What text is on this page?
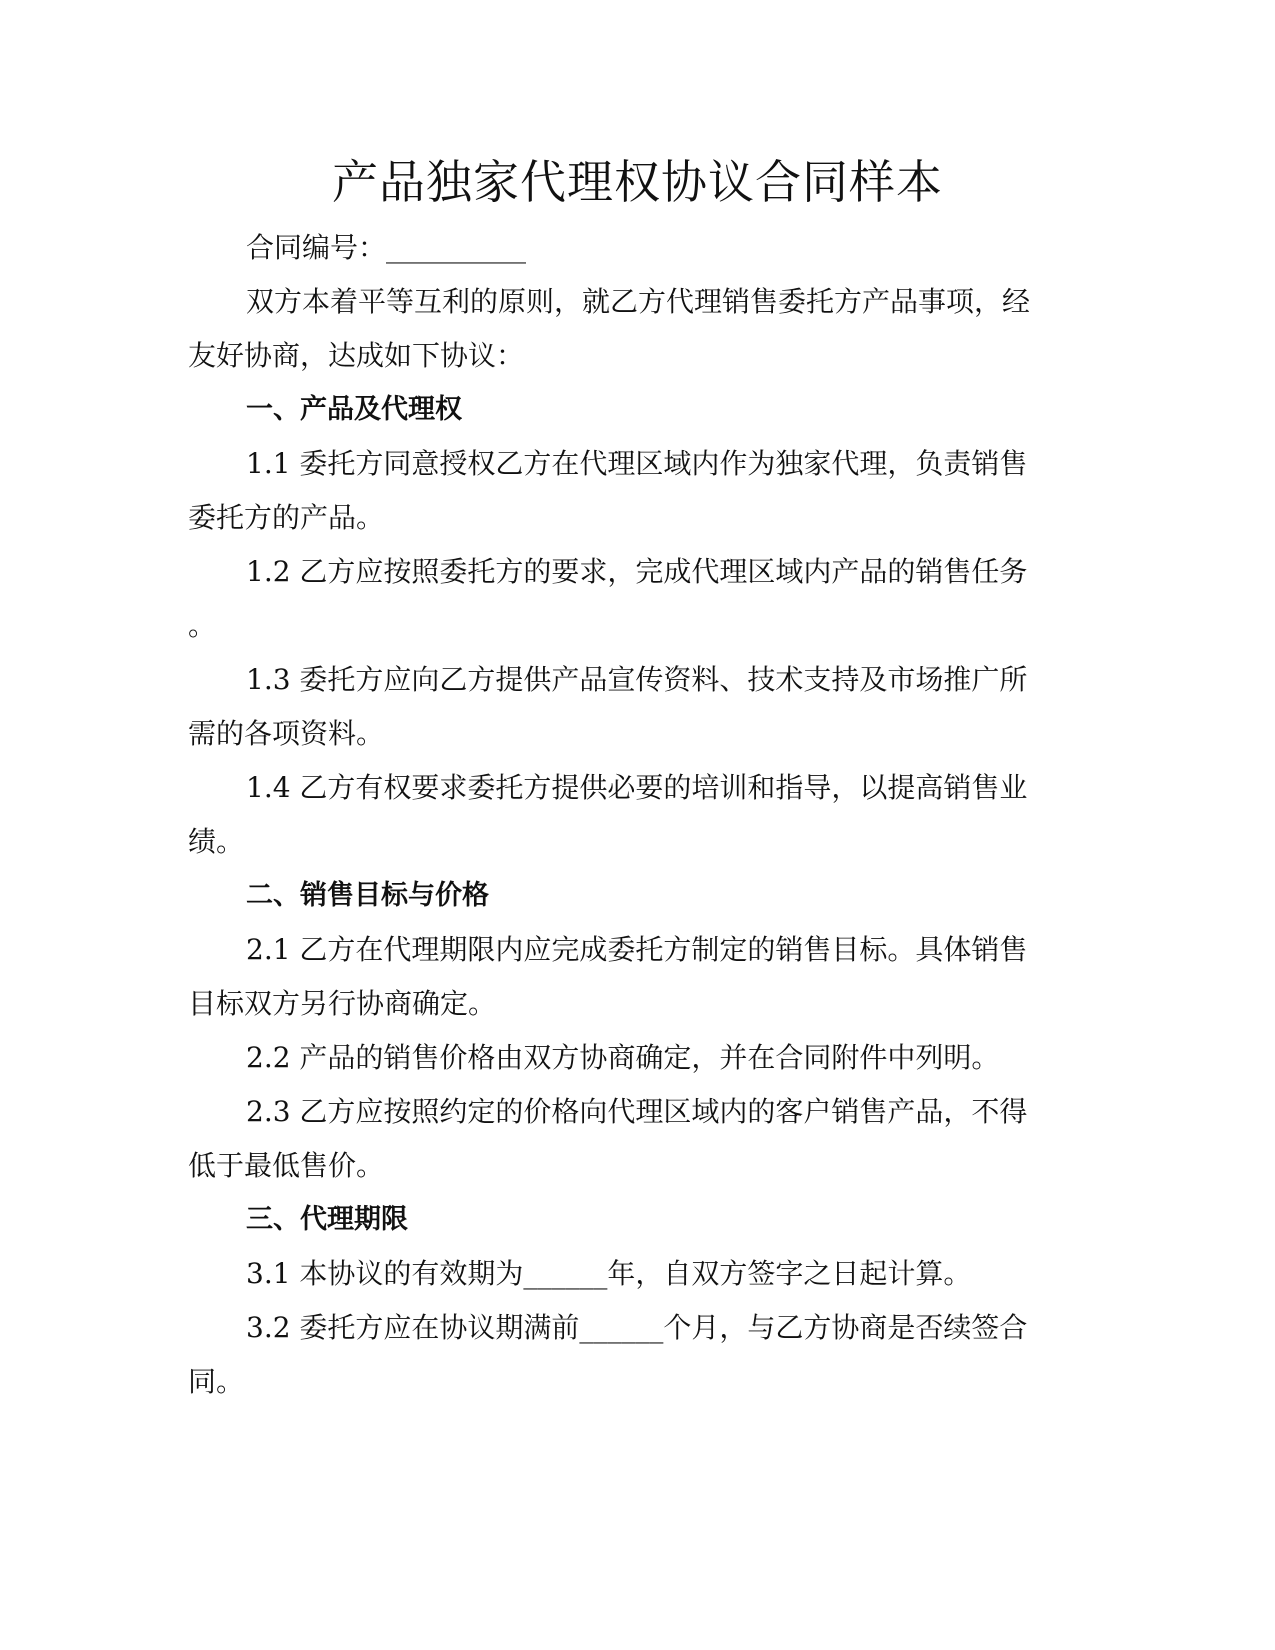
产品独家代理权协议合同样本

合同编号：__________

双方本着平等互利的原则，就乙方代理销售委托方产品事项，经

友好协商，达成如下协议：

一、产品及代理权

1.1 委托方同意授权乙方在代理区域内作为独家代理，负责销售

委托方的产品。

1.2 乙方应按照委托方的要求，完成代理区域内产品的销售任务

。

1.3 委托方应向乙方提供产品宣传资料、技术支持及市场推广所

需的各项资料。

1.4 乙方有权要求委托方提供必要的培训和指导，以提高销售业

绩。

二、销售目标与价格

2.1 乙方在代理期限内应完成委托方制定的销售目标。具体销售

目标双方另行协商确定。

2.2 产品的销售价格由双方协商确定，并在合同附件中列明。

2.3 乙方应按照约定的价格向代理区域内的客户销售产品，不得

低于最低售价。

三、代理期限

3.1 本协议的有效期为______年，自双方签字之日起计算。

3.2 委托方应在协议期满前______个月，与乙方协商是否续签合

同。
